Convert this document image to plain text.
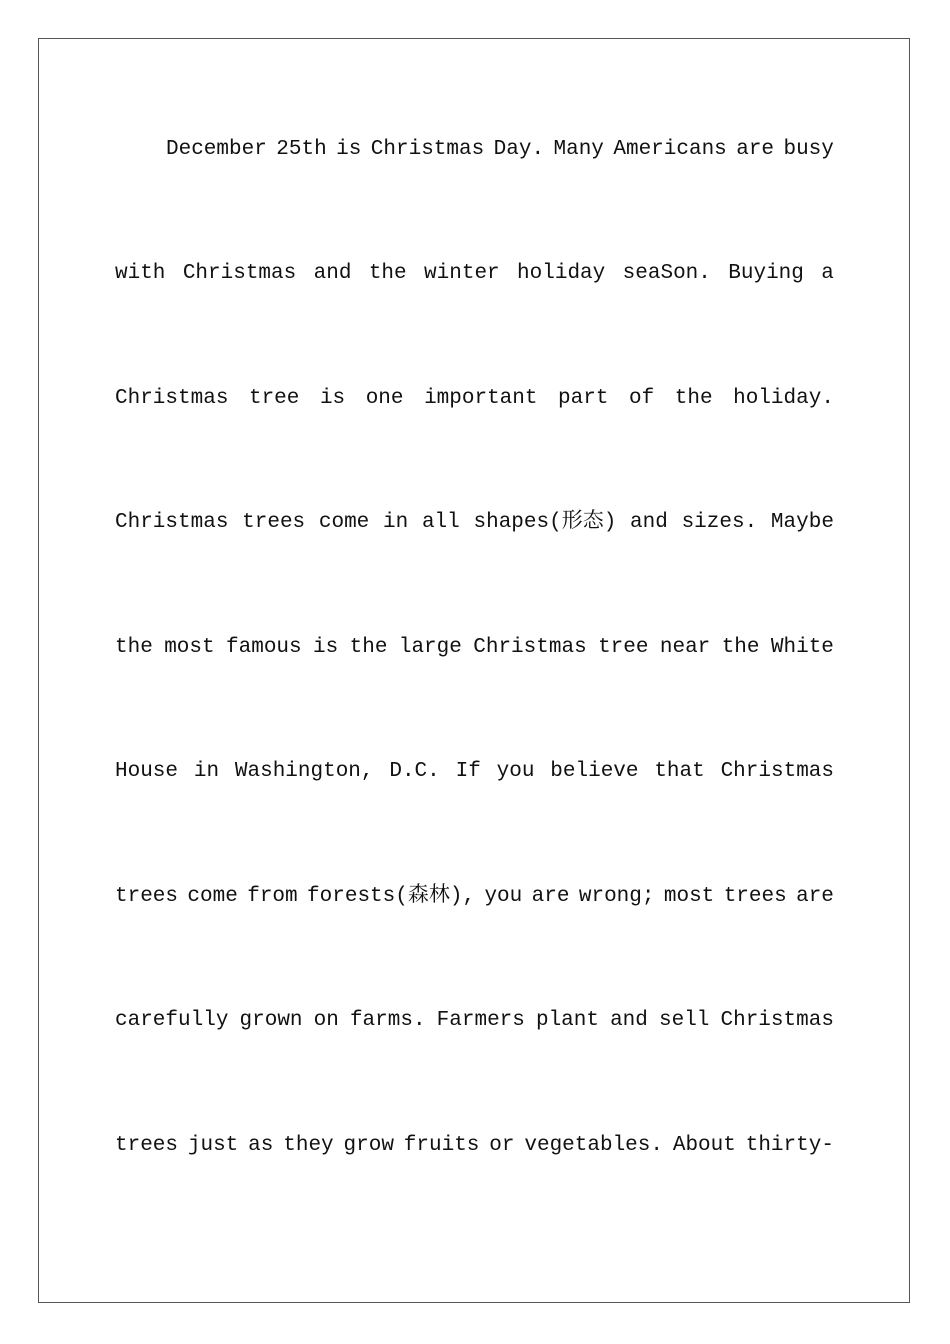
December 25th is Christmas Day. Many Americans are busy
with Christmas and the winter holiday seaSon. Buying a
Christmas tree is one important part of the holiday.
Christmas trees come in all shapes(形态) and sizes. Maybe
the most famous is the large Christmas tree near the White
House in Washington, D.C. If you believe that Christmas
trees come from forests(森林), you are wrong; most trees are
carefully grown on farms. Farmers plant and sell Christmas
trees just as they grow fruits or vegetables. About thirty-
